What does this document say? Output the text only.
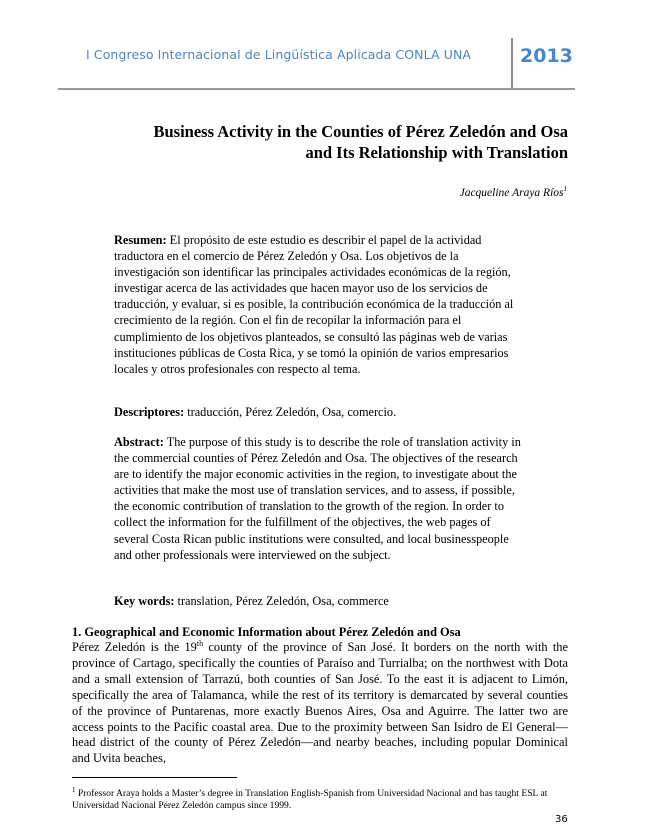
I Congreso Internacional de Lingüística Aplicada CONLA UNA	2013
Business Activity in the Counties of Pérez Zeledón and Osa
and Its Relationship with Translation
Jacqueline Araya Ríos$^1$
Resumen: El propósito de este estudio es describir el papel de la actividad traductora en el comercio de Pérez Zeledón y Osa. Los objetivos de la investigación son identificar las principales actividades económicas de la región, investigar acerca de las actividades que hacen mayor uso de los servicios de traducción, y evaluar, si es posible, la contribución económica de la traducción al crecimiento de la región. Con el fin de recopilar la información para el cumplimiento de los objetivos planteados, se consultó las páginas web de varias instituciones públicas de Costa Rica, y se tomó la opinión de varios empresarios locales y otros profesionales con respecto al tema.
Descriptores: traducción, Pérez Zeledón, Osa, comercio.
Abstract: The purpose of this study is to describe the role of translation activity in the commercial counties of Pérez Zeledón and Osa. The objectives of the research are to identify the major economic activities in the region, to investigate about the activities that make the most use of translation services, and to assess, if possible, the economic contribution of translation to the growth of the region. In order to collect the information for the fulfillment of the objectives, the web pages of several Costa Rican public institutions were consulted, and local businesspeople and other professionals were interviewed on the subject.
Key words: translation, Pérez Zeledón, Osa, commerce
1. Geographical and Economic Information about Pérez Zeledón and Osa
Pérez Zeledón is the 19th county of the province of San José. It borders on the north with the province of Cartago, specifically the counties of Paraíso and Turrialba; on the northwest with Dota and a small extension of Tarrazú, both counties of San José. To the east it is adjacent to Limón, specifically the area of Talamanca, while the rest of its territory is demarcated by several counties of the province of Puntarenas, more exactly Buenos Aires, Osa and Aguirre. The latter two are access points to the Pacific coastal area. Due to the proximity between San Isidro de El General—head district of the county of Pérez Zeledón—and nearby beaches, including popular Dominical and Uvita beaches,
$^1$ Professor Araya holds a Master’s degree in Translation English-Spanish from Universidad Nacional and has taught ESL at Universidad Nacional Pérez Zeledón campus since 1999.
36
